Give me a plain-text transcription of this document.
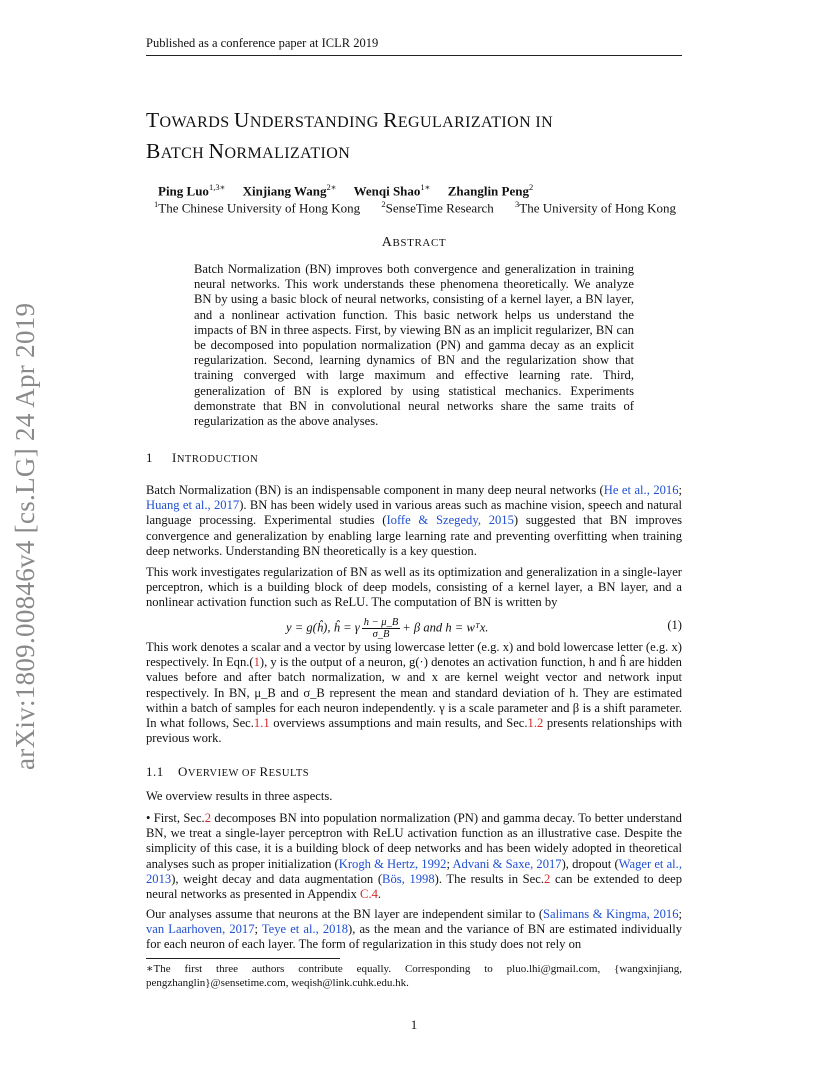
Published as a conference paper at ICLR 2019
arXiv:1809.00846v4 [cs.LG] 24 Apr 2019
TOWARDS UNDERSTANDING REGULARIZATION IN
BATCH NORMALIZATION
Ping Luo$^{1,3∗}$ Xinjiang Wang$^{2∗}$ Wenqi Shao$^{1∗}$ Zhanglin Peng$^2$
$^1$The Chinese University of Hong Kong	$^2$SenseTime Research	$^3$The University of Hong Kong
ABSTRACT
Batch Normalization (BN) improves both convergence and generalization in training neural networks. This work understands these phenomena theoretically. We analyze BN by using a basic block of neural networks, consisting of a kernel layer, a BN layer, and a nonlinear activation function. This basic network helps us understand the impacts of BN in three aspects. First, by viewing BN as an implicit regularizer, BN can be decomposed into population normalization (PN) and gamma decay as an explicit regularization. Second, learning dynamics of BN and the regularization show that training converged with large maximum and effective learning rate. Third, generalization of BN is explored by using statistical mechanics. Experiments demonstrate that BN in convolutional neural networks share the same traits of regularization as the above analyses.
1 INTRODUCTION
Batch Normalization (BN) is an indispensable component in many deep neural networks (He et al., 2016; Huang et al., 2017). BN has been widely used in various areas such as machine vision, speech and natural language processing. Experimental studies (Ioffe & Szegedy, 2015) suggested that BN improves convergence and generalization by enabling large learning rate and preventing overfitting when training deep networks. Understanding BN theoretically is a key question.
This work investigates regularization of BN as well as its optimization and generalization in a single-layer perceptron, which is a building block of deep models, consisting of a kernel layer, a BN layer, and a nonlinear activation function such as ReLU. The computation of BN is written by
y = g(ĥ), ĥ = γ $\frac{h - \mu\_B}{\sigma\_B} + \beta$ and h = wᵀx.	(1)
This work denotes a scalar and a vector by using lowercase letter (e.g. x) and bold lowercase letter (e.g. x) respectively. In Eqn.(1), y is the output of a neuron, g(·) denotes an activation function, h and ĥ are hidden values before and after batch normalization, w and x are kernel weight vector and network input respectively. In BN, μ_B and σ_B represent the mean and standard deviation of h. They are estimated within a batch of samples for each neuron independently. γ is a scale parameter and β is a shift parameter. In what follows, Sec.1.1 overviews assumptions and main results, and Sec.1.2 presents relationships with previous work.
1.1 OVERVIEW OF RESULTS
We overview results in three aspects.
• First, Sec.2 decomposes BN into population normalization (PN) and gamma decay. To better understand BN, we treat a single-layer perceptron with ReLU activation function as an illustrative case. Despite the simplicity of this case, it is a building block of deep networks and has been widely adopted in theoretical analyses such as proper initialization (Krogh & Hertz, 1992; Advani & Saxe, 2017), dropout (Wager et al., 2013), weight decay and data augmentation (Bös, 1998). The results in Sec.2 can be extended to deep neural networks as presented in Appendix C.4.
Our analyses assume that neurons at the BN layer are independent similar to (Salimans & Kingma, 2016; van Laarhoven, 2017; Teye et al., 2018), as the mean and the variance of BN are estimated individually for each neuron of each layer. The form of regularization in this study does not rely on
∗The first three authors contribute equally. Corresponding to pluo.lhi@gmail.com, {wangxinjiang, pengzhanglin}@sensetime.com, weqish@link.cuhk.edu.hk.
1
